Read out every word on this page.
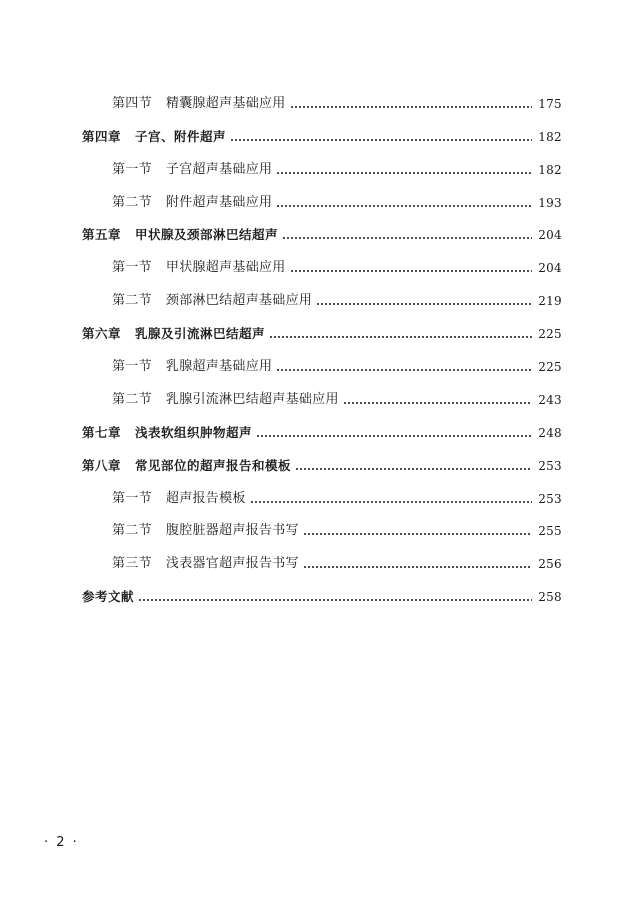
第四节 精囊腺超声基础应用	175
第四章 子宫、附件超声	182
第一节 子宫超声基础应用	182
第二节 附件超声基础应用	193
第五章 甲状腺及颈部淋巴结超声	204
第一节 甲状腺超声基础应用	204
第二节 颈部淋巴结超声基础应用	219
第六章 乳腺及引流淋巴结超声	225
第一节 乳腺超声基础应用	225
第二节 乳腺引流淋巴结超声基础应用	243
第七章 浅表软组织肿物超声	248
第八章 常见部位的超声报告和模板	253
第一节 超声报告模板	253
第二节 腹腔脏器超声报告书写	255
第三节 浅表器官超声报告书写	256
参考文献	258
· 2 ·
